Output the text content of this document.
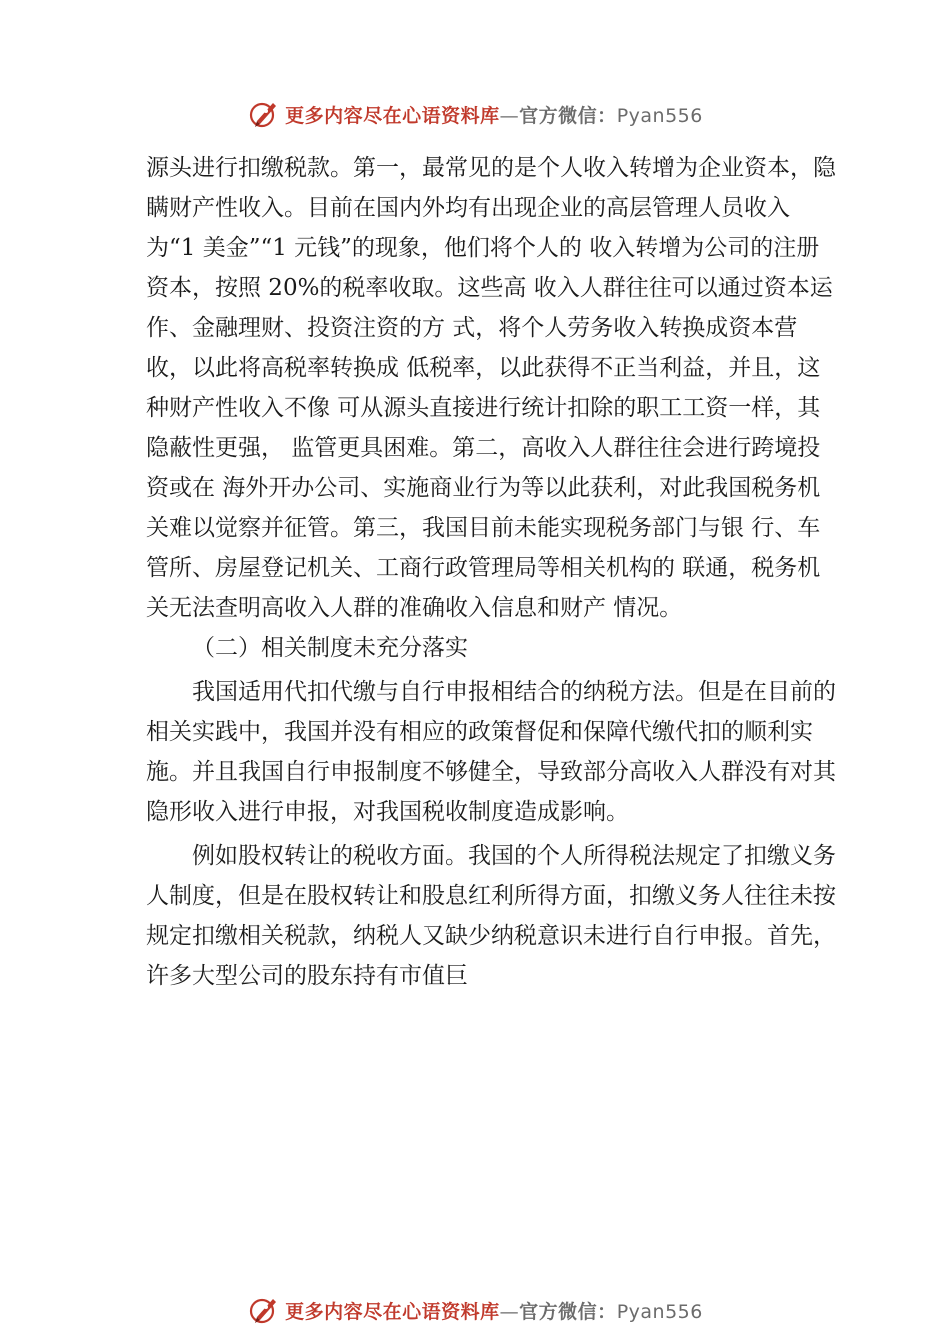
更多内容尽在心语资料库—官方微信：Pyan556

源头进行扣缴税款。第一，最常见的是个人收入转增为企业资本，隐瞒财产性收入。目前在国内外均有出现企业的高层管理人员收入为“1 美金”“1 元钱”的现象，他们将个人的 收入转增为公司的注册资本，按照 20%的税率收取。这些高 收入人群往往可以通过资本运作、金融理财、投资注资的方 式，将个人劳务收入转换成资本营收，以此将高税率转换成 低税率，以此获得不正当利益，并且，这种财产性收入不像 可从源头直接进行统计扣除的职工工资一样，其隐蔽性更强， 监管更具困难。第二，高收入人群往往会进行跨境投资或在 海外开办公司、实施商业行为等以此获利，对此我国税务机 关难以觉察并征管。第三，我国目前未能实现税务部门与银 行、车管所、房屋登记机关、工商行政管理局等相关机构的 联通，税务机关无法查明高收入人群的准确收入信息和财产 情况。

（二）相关制度未充分落实

我国适用代扣代缴与自行申报相结合的纳税方法。但是在目前的相关实践中，我国并没有相应的政策督促和保障代缴代扣的顺利实施。并且我国自行申报制度不够健全，导致部分高收入人群没有对其隐形收入进行申报，对我国税收制度造成影响。

例如股权转让的税收方面。我国的个人所得税法规定了扣缴义务人制度，但是在股权转让和股息红利所得方面，扣缴义务人往往未按规定扣缴相关税款，纳税人又缺少纳税意识未进行自行申报。首先，许多大型公司的股东持有市值巨

更多内容尽在心语资料库—官方微信：Pyan556
